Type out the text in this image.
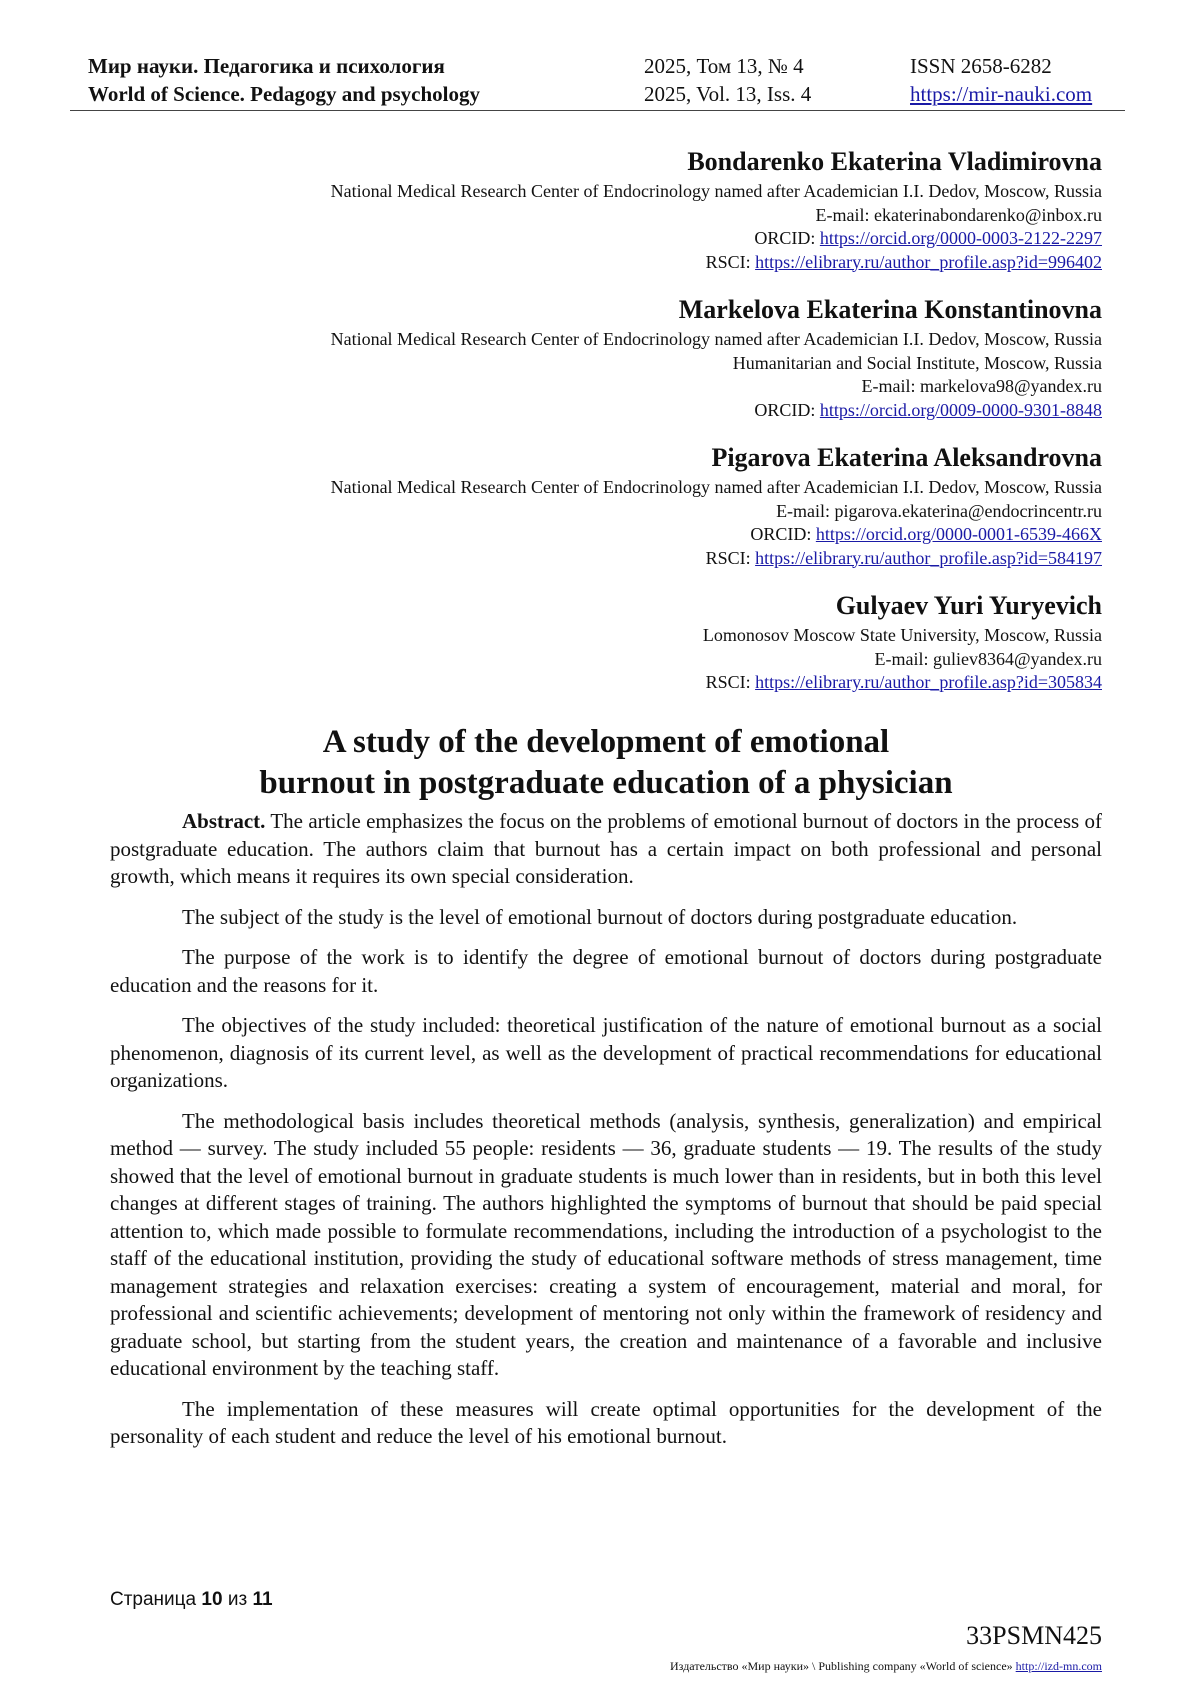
Мир науки. Педагогика и психология
World of Science. Pedagogy and psychology
2025, Том 13, № 4
2025, Vol. 13, Iss. 4
ISSN 2658-6282
https://mir-nauki.com
Bondarenko Ekaterina Vladimirovna
National Medical Research Center of Endocrinology named after Academician I.I. Dedov, Moscow, Russia
E-mail: ekaterinabondarenko@inbox.ru
ORCID: https://orcid.org/0000-0003-2122-2297
RSCI: https://elibrary.ru/author_profile.asp?id=996402
Markelova Ekaterina Konstantinovna
National Medical Research Center of Endocrinology named after Academician I.I. Dedov, Moscow, Russia
Humanitarian and Social Institute, Moscow, Russia
E-mail: markelova98@yandex.ru
ORCID: https://orcid.org/0009-0000-9301-8848
Pigarova Ekaterina Aleksandrovna
National Medical Research Center of Endocrinology named after Academician I.I. Dedov, Moscow, Russia
E-mail: pigarova.ekaterina@endocrincentr.ru
ORCID: https://orcid.org/0000-0001-6539-466X
RSCI: https://elibrary.ru/author_profile.asp?id=584197
Gulyaev Yuri Yuryevich
Lomonosov Moscow State University, Moscow, Russia
E-mail: guliev8364@yandex.ru
RSCI: https://elibrary.ru/author_profile.asp?id=305834
A study of the development of emotional
burnout in postgraduate education of a physician

Abstract. The article emphasizes the focus on the problems of emotional burnout of doctors in the process of postgraduate education. The authors claim that burnout has a certain impact on both professional and personal growth, which means it requires its own special consideration.

The subject of the study is the level of emotional burnout of doctors during postgraduate education.

The purpose of the work is to identify the degree of emotional burnout of doctors during postgraduate education and the reasons for it.

The objectives of the study included: theoretical justification of the nature of emotional burnout as a social phenomenon, diagnosis of its current level, as well as the development of practical recommendations for educational organizations.

The methodological basis includes theoretical methods (analysis, synthesis, generalization) and empirical method — survey. The study included 55 people: residents — 36, graduate students — 19. The results of the study showed that the level of emotional burnout in graduate students is much lower than in residents, but in both this level changes at different stages of training. The authors highlighted the symptoms of burnout that should be paid special attention to, which made possible to formulate recommendations, including the introduction of a psychologist to the staff of the educational institution, providing the study of educational software methods of stress management, time management strategies and relaxation exercises: creating a system of encouragement, material and moral, for professional and scientific achievements; development of mentoring not only within the framework of residency and graduate school, but starting from the student years, the creation and maintenance of a favorable and inclusive educational environment by the teaching staff.

The implementation of these measures will create optimal opportunities for the development of the personality of each student and reduce the level of his emotional burnout.

Страница 10 из 11
33PSMN425
Издательство «Мир науки» \ Publishing company «World of science» http://izd-mn.com
